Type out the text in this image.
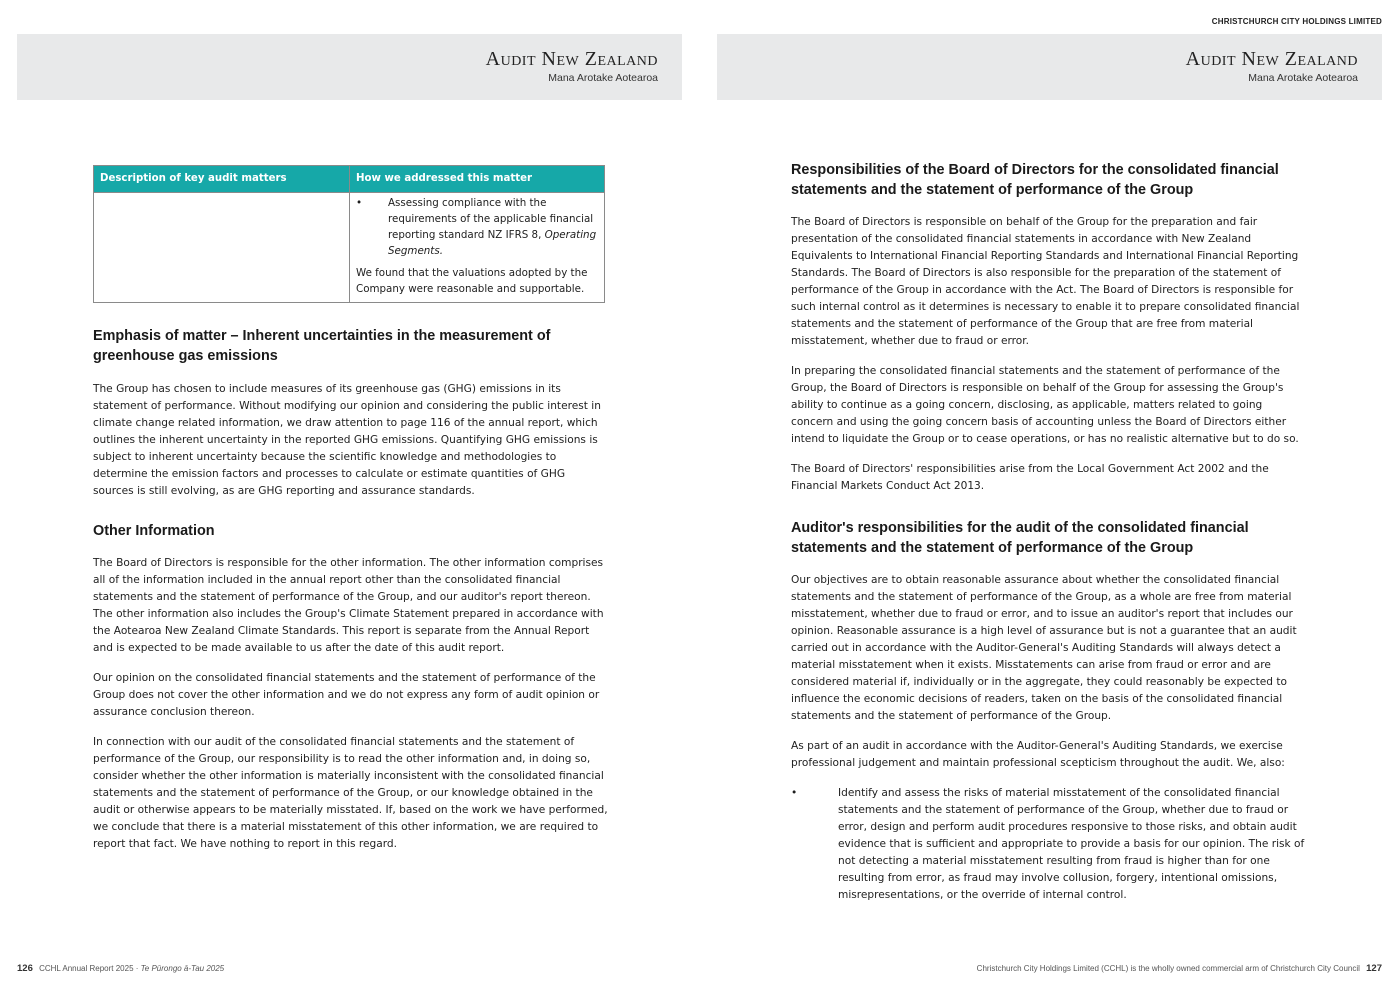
Audit New Zealand
Mana Arotake Aotearoa
Description of key audit matters	How we addressed this matter

	• Assessing compliance with the requirements of the applicable financial reporting standard NZ IFRS 8, Operating Segments.
We found that the valuations adopted by the Company were reasonable and supportable.
Emphasis of matter – Inherent uncertainties in the measurement of greenhouse gas emissions

The Group has chosen to include measures of its greenhouse gas (GHG) emissions in its statement of performance. Without modifying our opinion and considering the public interest in climate change related information, we draw attention to page 116 of the annual report, which outlines the inherent uncertainty in the reported GHG emissions. Quantifying GHG emissions is subject to inherent uncertainty because the scientific knowledge and methodologies to determine the emission factors and processes to calculate or estimate quantities of GHG sources is still evolving, as are GHG reporting and assurance standards.

Other Information

The Board of Directors is responsible for the other information. The other information comprises all of the information included in the annual report other than the consolidated financial statements and the statement of performance of the Group, and our auditor's report thereon. The other information also includes the Group's Climate Statement prepared in accordance with the Aotearoa New Zealand Climate Standards. This report is separate from the Annual Report and is expected to be made available to us after the date of this audit report.

Our opinion on the consolidated financial statements and the statement of performance of the Group does not cover the other information and we do not express any form of audit opinion or assurance conclusion thereon.

In connection with our audit of the consolidated financial statements and the statement of performance of the Group, our responsibility is to read the other information and, in doing so, consider whether the other information is materially inconsistent with the consolidated financial statements and the statement of performance of the Group, or our knowledge obtained in the audit or otherwise appears to be materially misstated. If, based on the work we have performed, we conclude that there is a material misstatement of this other information, we are required to report that fact. We have nothing to report in this regard.

126 CCHL Annual Report 2025 · Te Pūrongo ā-Tau 2025
CHRISTCHURCH CITY HOLDINGS LIMITED
Audit New Zealand
Mana Arotake Aotearoa
Responsibilities of the Board of Directors for the consolidated financial statements and the statement of performance of the Group

The Board of Directors is responsible on behalf of the Group for the preparation and fair presentation of the consolidated financial statements in accordance with New Zealand Equivalents to International Financial Reporting Standards and International Financial Reporting Standards. The Board of Directors is also responsible for the preparation of the statement of performance of the Group in accordance with the Act. The Board of Directors is responsible for such internal control as it determines is necessary to enable it to prepare consolidated financial statements and the statement of performance of the Group that are free from material misstatement, whether due to fraud or error.

In preparing the consolidated financial statements and the statement of performance of the Group, the Board of Directors is responsible on behalf of the Group for assessing the Group's ability to continue as a going concern, disclosing, as applicable, matters related to going concern and using the going concern basis of accounting unless the Board of Directors either intend to liquidate the Group or to cease operations, or has no realistic alternative but to do so.

The Board of Directors' responsibilities arise from the Local Government Act 2002 and the Financial Markets Conduct Act 2013.

Auditor's responsibilities for the audit of the consolidated financial statements and the statement of performance of the Group

Our objectives are to obtain reasonable assurance about whether the consolidated financial statements and the statement of performance of the Group, as a whole are free from material misstatement, whether due to fraud or error, and to issue an auditor's report that includes our opinion. Reasonable assurance is a high level of assurance but is not a guarantee that an audit carried out in accordance with the Auditor-General's Auditing Standards will always detect a material misstatement when it exists. Misstatements can arise from fraud or error and are considered material if, individually or in the aggregate, they could reasonably be expected to influence the economic decisions of readers, taken on the basis of the consolidated financial statements and the statement of performance of the Group.

As part of an audit in accordance with the Auditor-General's Auditing Standards, we exercise professional judgement and maintain professional scepticism throughout the audit. We, also:

•	Identify and assess the risks of material misstatement of the consolidated financial statements and the statement of performance of the Group, whether due to fraud or error, design and perform audit procedures responsive to those risks, and obtain audit evidence that is sufficient and appropriate to provide a basis for our opinion. The risk of not detecting a material misstatement resulting from fraud is higher than for one resulting from error, as fraud may involve collusion, forgery, intentional omissions, misrepresentations, or the override of internal control.
Christchurch City Holdings Limited (CCHL) is the wholly owned commercial arm of Christchurch City Council 127
